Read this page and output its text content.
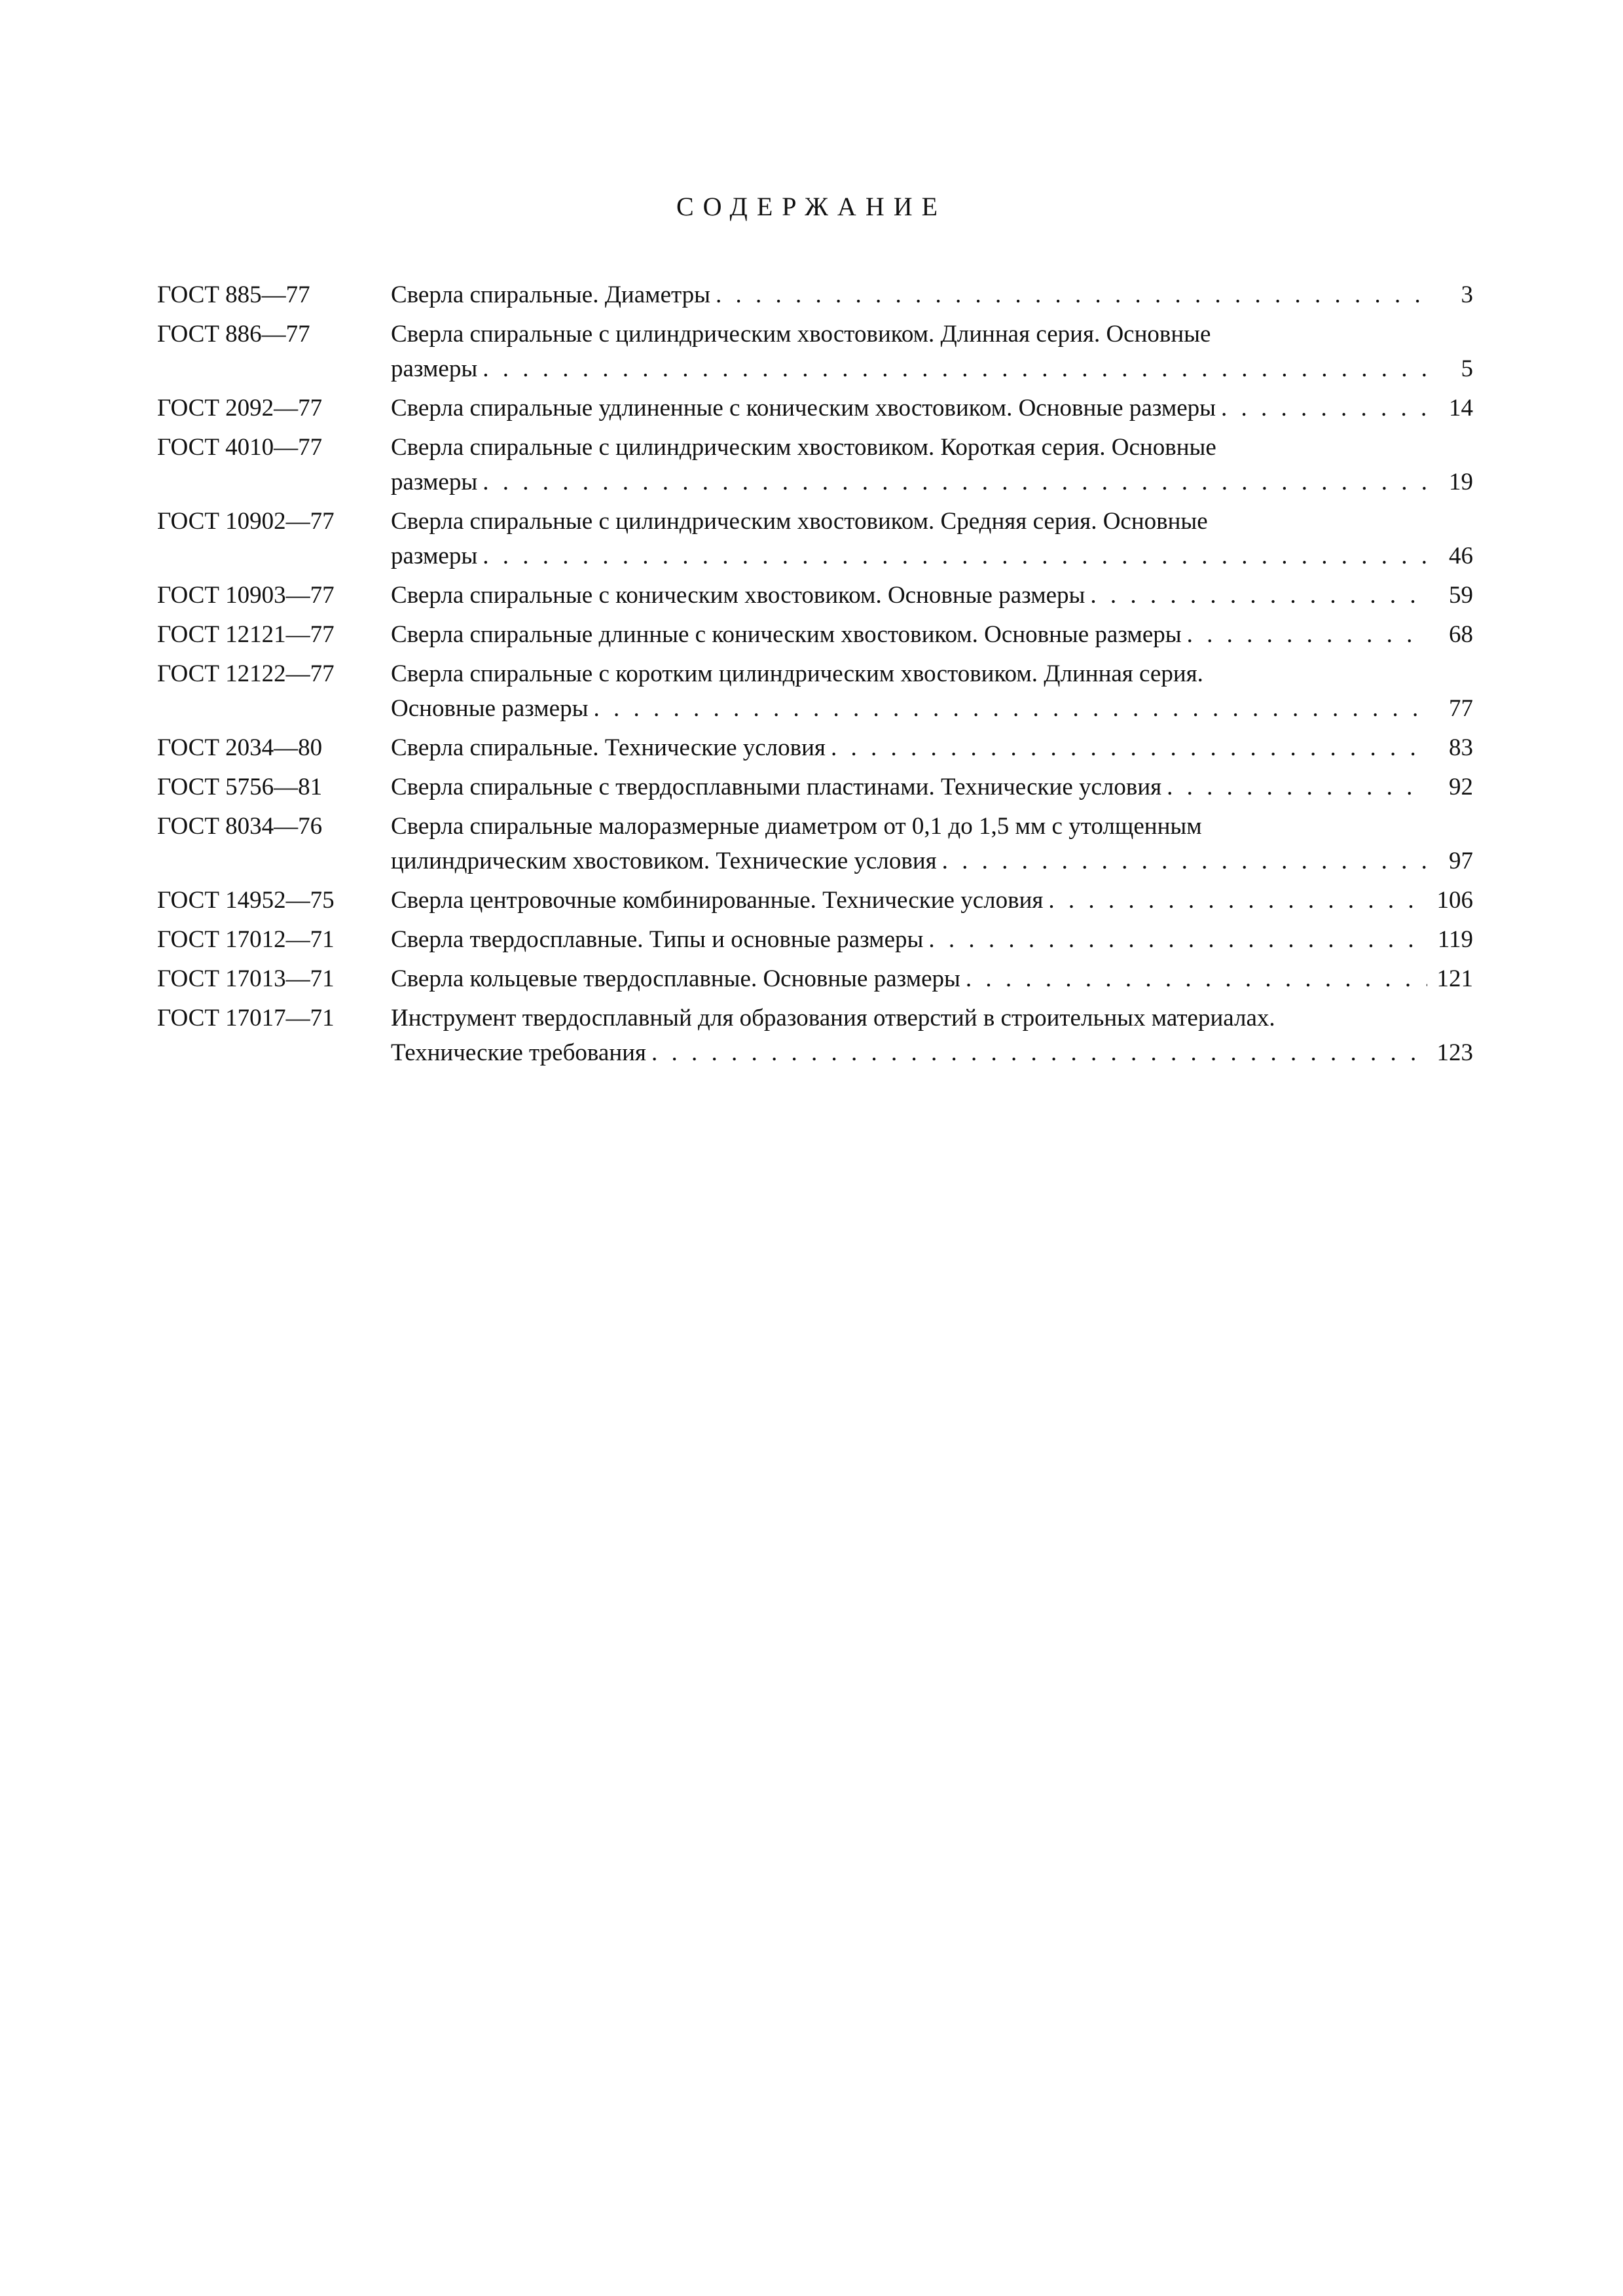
СОДЕРЖАНИЕ
ГОСТ 885—77	Сверла спиральные. Диаметры . . .	3
ГОСТ 886—77	Сверла спиральные с цилиндрическим хвостовиком. Длинная серия. Основные
размеры . . .	5
ГОСТ 2092—77	Сверла спиральные удлиненные с коническим хвостовиком. Основные размеры . . .	14
ГОСТ 4010—77	Сверла спиральные с цилиндрическим хвостовиком. Короткая серия. Основные
размеры . . .	19
ГОСТ 10902—77	Сверла спиральные с цилиндрическим хвостовиком. Средняя серия. Основные
размеры . . .	46
ГОСТ 10903—77	Сверла спиральные с коническим хвостовиком. Основные размеры . . .	59
ГОСТ 12121—77	Сверла спиральные длинные с коническим хвостовиком. Основные размеры . . .	68
ГОСТ 12122—77	Сверла спиральные с коротким цилиндрическим хвостовиком. Длинная серия.
Основные размеры . . .	77
ГОСТ 2034—80	Сверла спиральные. Технические условия . . .	83
ГОСТ 5756—81	Сверла спиральные с твердосплавными пластинами. Технические условия . . .	92
ГОСТ 8034—76	Сверла спиральные малоразмерные диаметром от 0,1 до 1,5 мм с утолщенным
цилиндрическим хвостовиком. Технические условия . . .	97
ГОСТ 14952—75	Сверла центровочные комбинированные. Технические условия . . .	106
ГОСТ 17012—71	Сверла твердосплавные. Типы и основные размеры . . .	119
ГОСТ 17013—71	Сверла кольцевые твердосплавные. Основные размеры . . .	121
ГОСТ 17017—71	Инструмент твердосплавный для образования отверстий в строительных материалах.
Технические требования . . .	123
